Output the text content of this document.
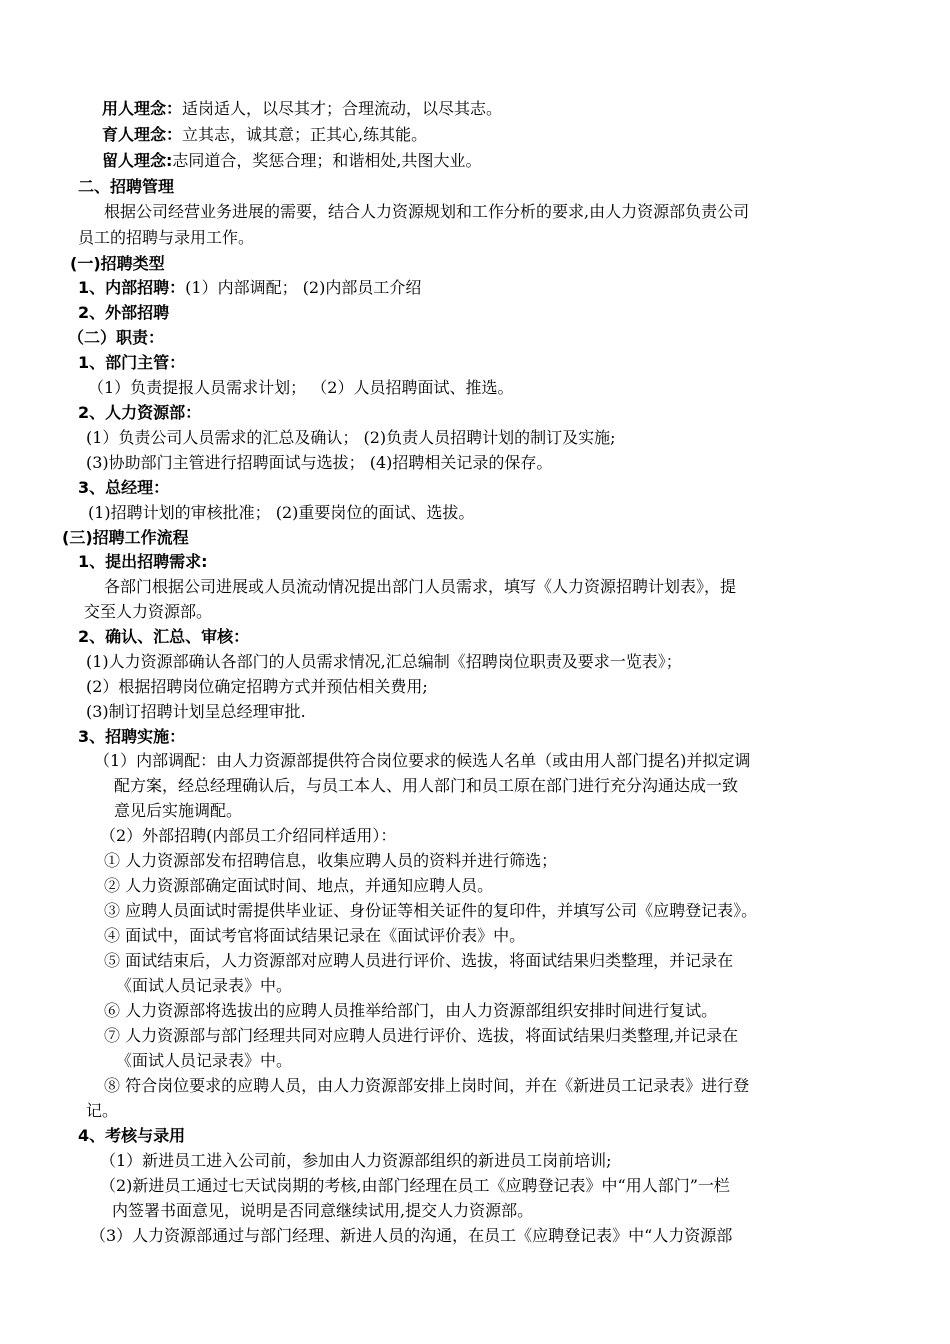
用人理念：适岗适人，以尽其才；合理流动，以尽其志。
育人理念：立其志，诚其意；正其心,练其能。
留人理念:志同道合，奖惩合理；和谐相处,共图大业。
二、招聘管理
根据公司经营业务进展的需要，结合人力资源规划和工作分析的要求,由人力资源部负责公司
员工的招聘与录用工作。
(一)招聘类型
1、内部招聘：(1）内部调配； (2)内部员工介绍
2、外部招聘
（二）职责：
1、部门主管：
（1）负责提报人员需求计划； （2）人员招聘面试、推选。
2、人力资源部：
(1）负责公司人员需求的汇总及确认； (2)负责人员招聘计划的制订及实施;
(3)协助部门主管进行招聘面试与选拔； (4)招聘相关记录的保存。
3、总经理：
(1)招聘计划的审核批准； (2)重要岗位的面试、选拔。
(三)招聘工作流程
1、提出招聘需求:
各部门根据公司进展或人员流动情况提出部门人员需求，填写《人力资源招聘计划表》，提
交至人力资源部。
2、确认、汇总、审核：
(1)人力资源部确认各部门的人员需求情况,汇总编制《招聘岗位职责及要求一览表》；
(2）根据招聘岗位确定招聘方式并预估相关费用;
(3)制订招聘计划呈总经理审批.
3、招聘实施：
（1）内部调配：由人力资源部提供符合岗位要求的候选人名单（或由用人部门提名)并拟定调
配方案，经总经理确认后，与员工本人、用人部门和员工原在部门进行充分沟通达成一致
意见后实施调配。
（2）外部招聘(内部员工介绍同样适用）：
① 人力资源部发布招聘信息，收集应聘人员的资料并进行筛选；
② 人力资源部确定面试时间、地点，并通知应聘人员。
③ 应聘人员面试时需提供毕业证、身份证等相关证件的复印件，并填写公司《应聘登记表》。
④ 面试中，面试考官将面试结果记录在《面试评价表》中。
⑤ 面试结束后，人力资源部对应聘人员进行评价、选拔，将面试结果归类整理，并记录在
《面试人员记录表》中。
⑥ 人力资源部将选拔出的应聘人员推举给部门，由人力资源部组织安排时间进行复试。
⑦ 人力资源部与部门经理共同对应聘人员进行评价、选拔，将面试结果归类整理,并记录在
《面试人员记录表》中。
⑧ 符合岗位要求的应聘人员，由人力资源部安排上岗时间，并在《新进员工记录表》进行登
记。
4、考核与录用
（1）新进员工进入公司前，参加由人力资源部组织的新进员工岗前培训;
（2)新进员工通过七天试岗期的考核,由部门经理在员工《应聘登记表》中“用人部门”一栏
内签署书面意见，说明是否同意继续试用,提交人力资源部。
（3）人力资源部通过与部门经理、新进人员的沟通，在员工《应聘登记表》中“人力资源部
